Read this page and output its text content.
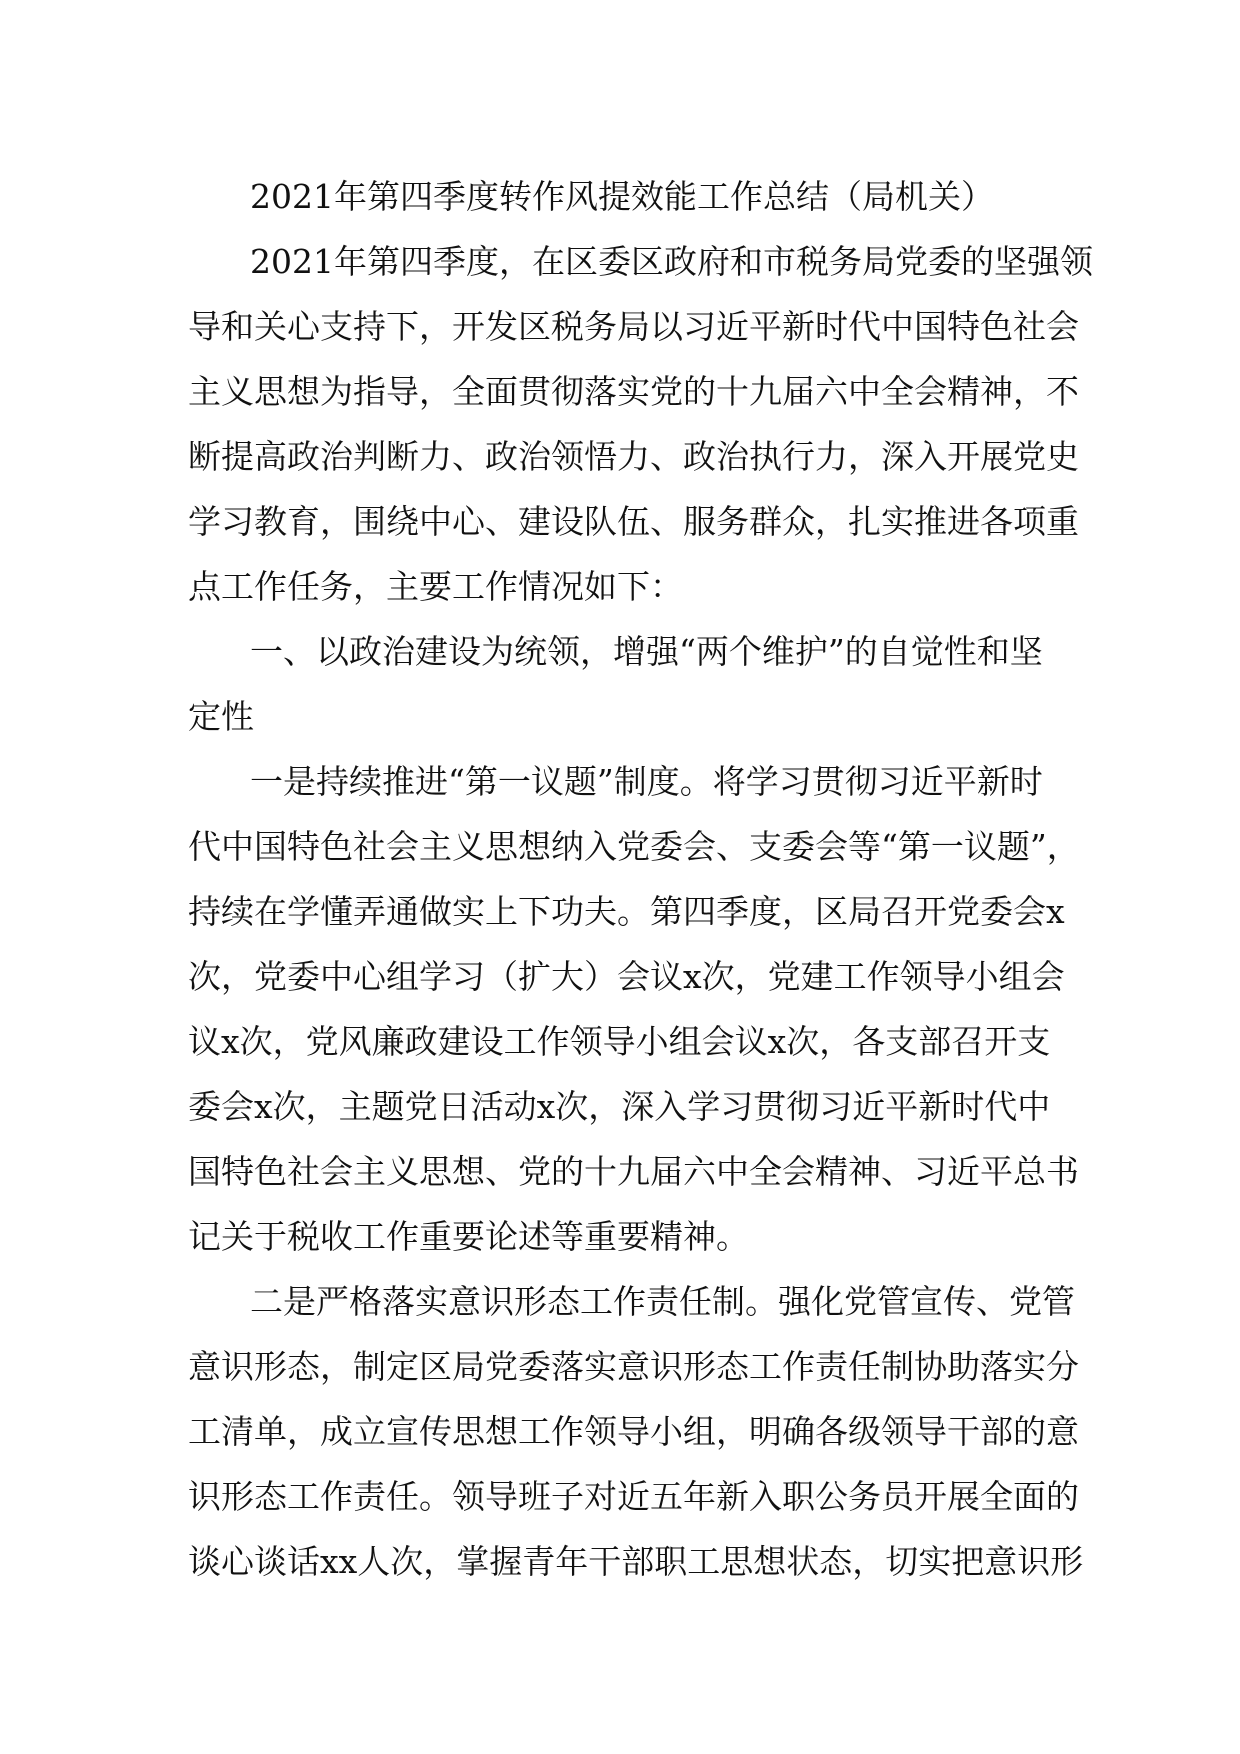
2021年第四季度转作风提效能工作总结（局机关）
2021年第四季度，在区委区政府和市税务局党委的坚强领
导和关心支持下，开发区税务局以习近平新时代中国特色社会
主义思想为指导，全面贯彻落实党的十九届六中全会精神，不
断提高政治判断力、政治领悟力、政治执行力，深入开展党史
学习教育，围绕中心、建设队伍、服务群众，扎实推进各项重
点工作任务，主要工作情况如下：
一、以政治建设为统领，增强“两个维护”的自觉性和坚
定性
一是持续推进“第一议题”制度。将学习贯彻习近平新时
代中国特色社会主义思想纳入党委会、支委会等“第一议题”，
持续在学懂弄通做实上下功夫。第四季度，区局召开党委会x
次，党委中心组学习（扩大）会议x次，党建工作领导小组会
议x次，党风廉政建设工作领导小组会议x次，各支部召开支
委会x次，主题党日活动x次，深入学习贯彻习近平新时代中
国特色社会主义思想、党的十九届六中全会精神、习近平总书
记关于税收工作重要论述等重要精神。
二是严格落实意识形态工作责任制。强化党管宣传、党管
意识形态，制定区局党委落实意识形态工作责任制协助落实分
工清单，成立宣传思想工作领导小组，明确各级领导干部的意
识形态工作责任。领导班子对近五年新入职公务员开展全面的
谈心谈话xx人次，掌握青年干部职工思想状态，切实把意识形
